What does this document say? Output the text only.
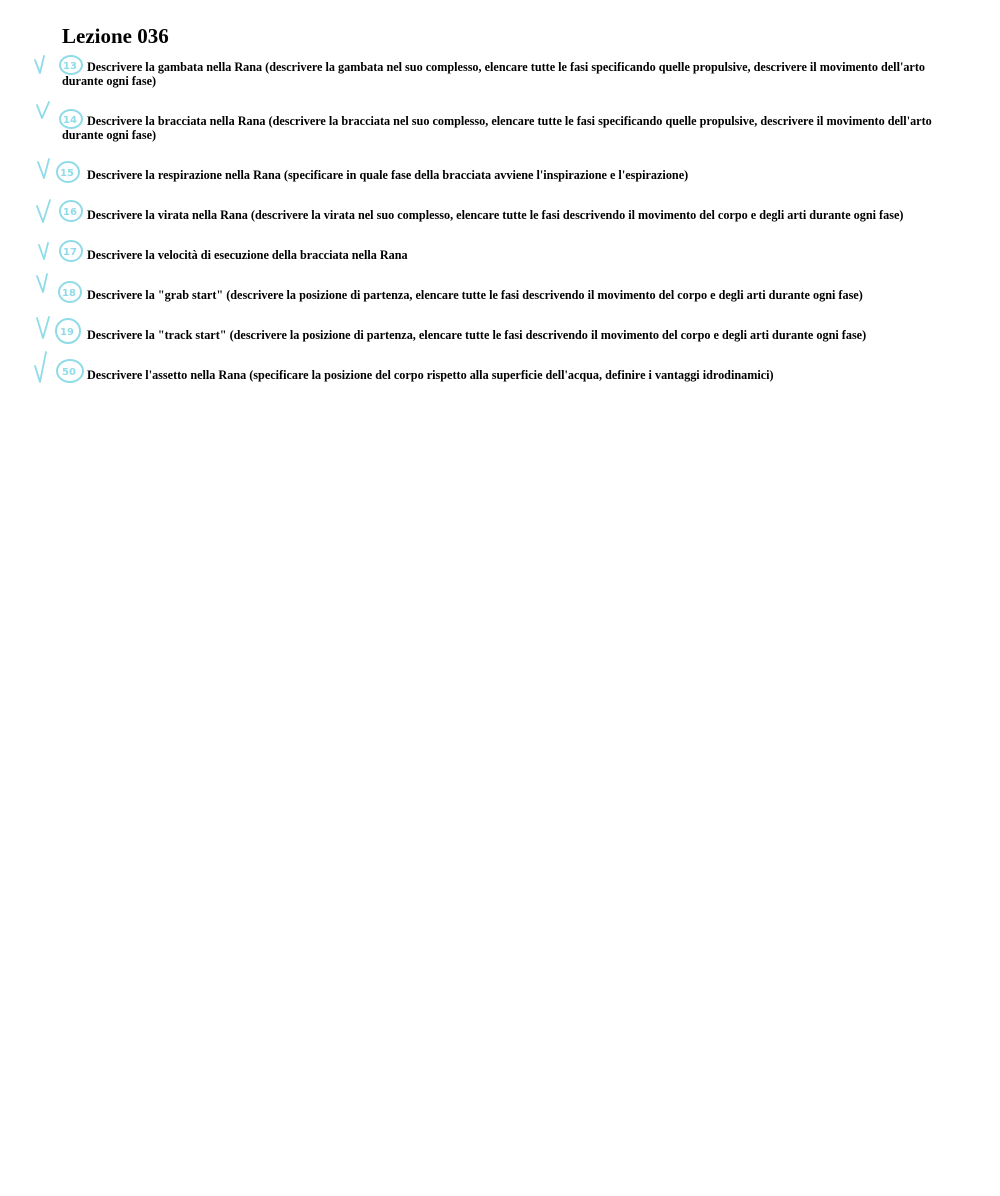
Lezione 036
Descrivere la gambata nella Rana (descrivere la gambata nel suo complesso, elencare tutte le fasi specificando quelle propulsive, descrivere il movimento dell'arto durante ogni fase)
13
Descrivere la bracciata nella Rana (descrivere la bracciata nel suo complesso, elencare tutte le fasi specificando quelle propulsive, descrivere il movimento dell'arto durante ogni fase)
14
Descrivere la respirazione nella Rana (specificare in quale fase della bracciata avviene l'inspirazione e l'espirazione)
15
Descrivere la virata nella Rana (descrivere la virata nel suo complesso, elencare tutte le fasi descrivendo il movimento del corpo e degli arti durante ogni fase)
16
Descrivere la velocità di esecuzione della bracciata nella Rana
17
Descrivere la "grab start" (descrivere la posizione di partenza, elencare tutte le fasi descrivendo il movimento del corpo e degli arti durante ogni fase)
18
Descrivere la "track start" (descrivere la posizione di partenza, elencare tutte le fasi descrivendo il movimento del corpo e degli arti durante ogni fase)
19
Descrivere l'assetto nella Rana (specificare la posizione del corpo rispetto alla superficie dell'acqua, definire i vantaggi idrodinamici)
50
